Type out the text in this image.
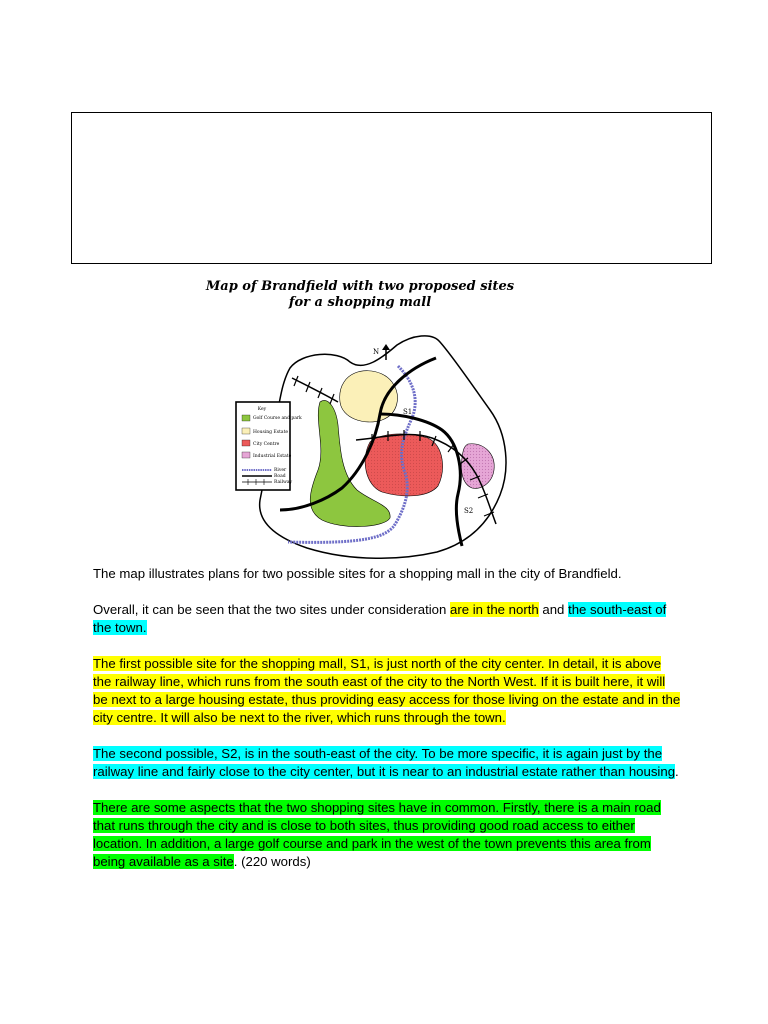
Map of Brandfield with two proposed sites
for a shopping mall
N
S1
S2
Key
Golf Course and park
Housing Estate
City Centre
Industrial Estate
River
Road
Railway

The map illustrates plans for two possible sites for a shopping mall in the city of Brandfield.

Overall, it can be seen that the two sites under consideration are in the north and the south-east of the town.

The first possible site for the shopping mall, S1, is just north of the city center. In detail, it is above the railway line, which runs from the south east of the city to the North West. If it is built here, it will be next to a large housing estate, thus providing easy access for those living on the estate and in the city centre. It will also be next to the river, which runs through the town.

The second possible, S2, is in the south-east of the city. To be more specific, it is again just by the railway line and fairly close to the city center, but it is near to an industrial estate rather than housing.

There are some aspects that the two shopping sites have in common. Firstly, there is a main road that runs through the city and is close to both sites, thus providing good road access to either location. In addition, a large golf course and park in the west of the town prevents this area from being available as a site. (220 words)
